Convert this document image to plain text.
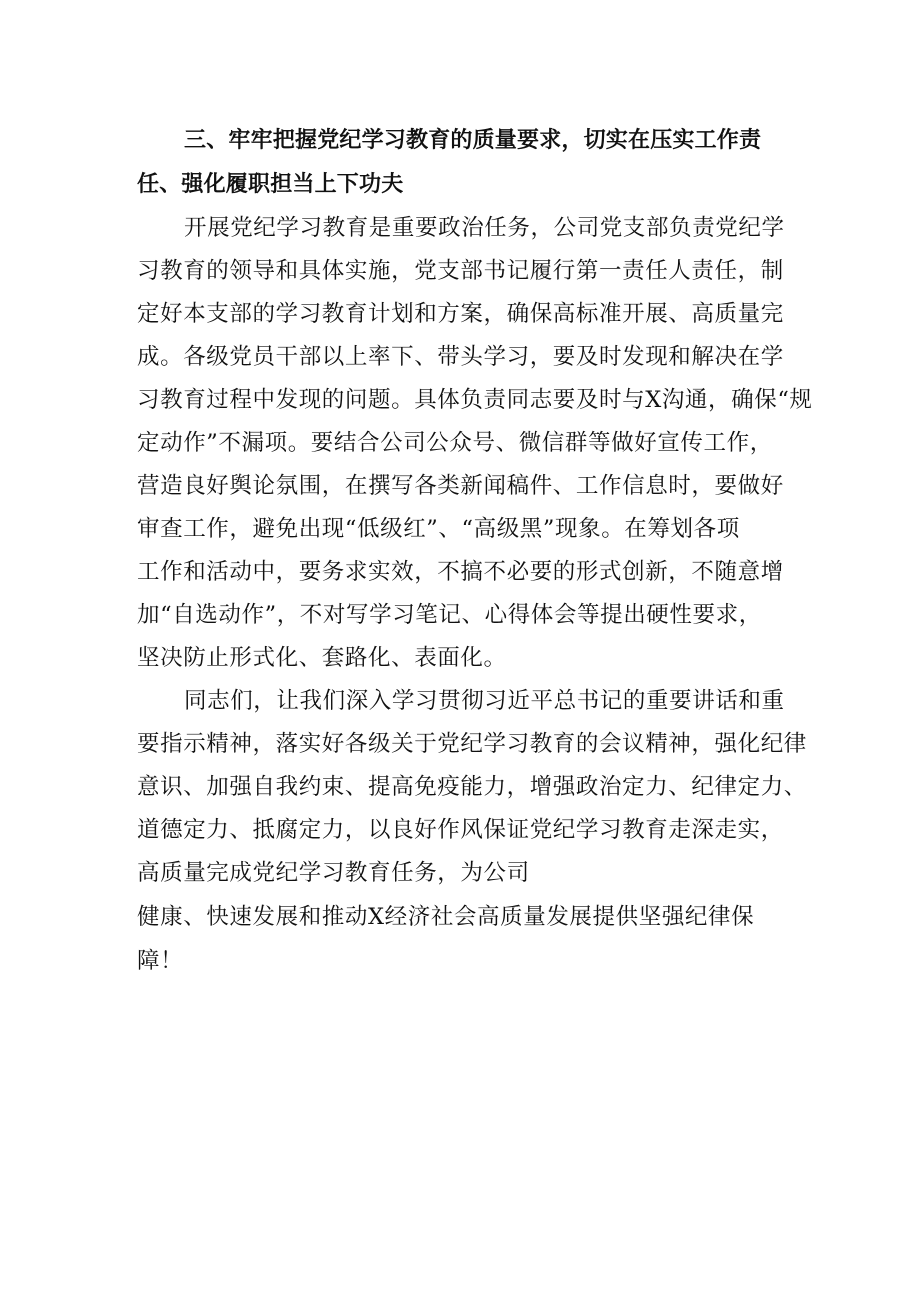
三、牢牢把握党纪学习教育的质量要求，切实在压实工作责
任、强化履职担当上下功夫
开展党纪学习教育是重要政治任务，公司党支部负责党纪学
习教育的领导和具体实施，党支部书记履行第一责任人责任，制
定好本支部的学习教育计划和方案，确保高标准开展、高质量完
成。各级党员干部以上率下、带头学习，要及时发现和解决在学
习教育过程中发现的问题。具体负责同志要及时与X沟通，确保“规
定动作”不漏项。要结合公司公众号、微信群等做好宣传工作，
营造良好舆论氛围，在撰写各类新闻稿件、工作信息时，要做好
审查工作，避免出现“低级红”、“高级黑”现象。在筹划各项
工作和活动中，要务求实效，不搞不必要的形式创新，不随意增
加“自选动作”，不对写学习笔记、心得体会等提出硬性要求，
坚决防止形式化、套路化、表面化。
同志们，让我们深入学习贯彻习近平总书记的重要讲话和重
要指示精神，落实好各级关于党纪学习教育的会议精神，强化纪律
意识、加强自我约束、提高免疫能力，增强政治定力、纪律定力、
道德定力、抵腐定力，以良好作风保证党纪学习教育走深走实，
高质量完成党纪学习教育任务，为公司
健康、快速发展和推动X经济社会高质量发展提供坚强纪律保
障！
